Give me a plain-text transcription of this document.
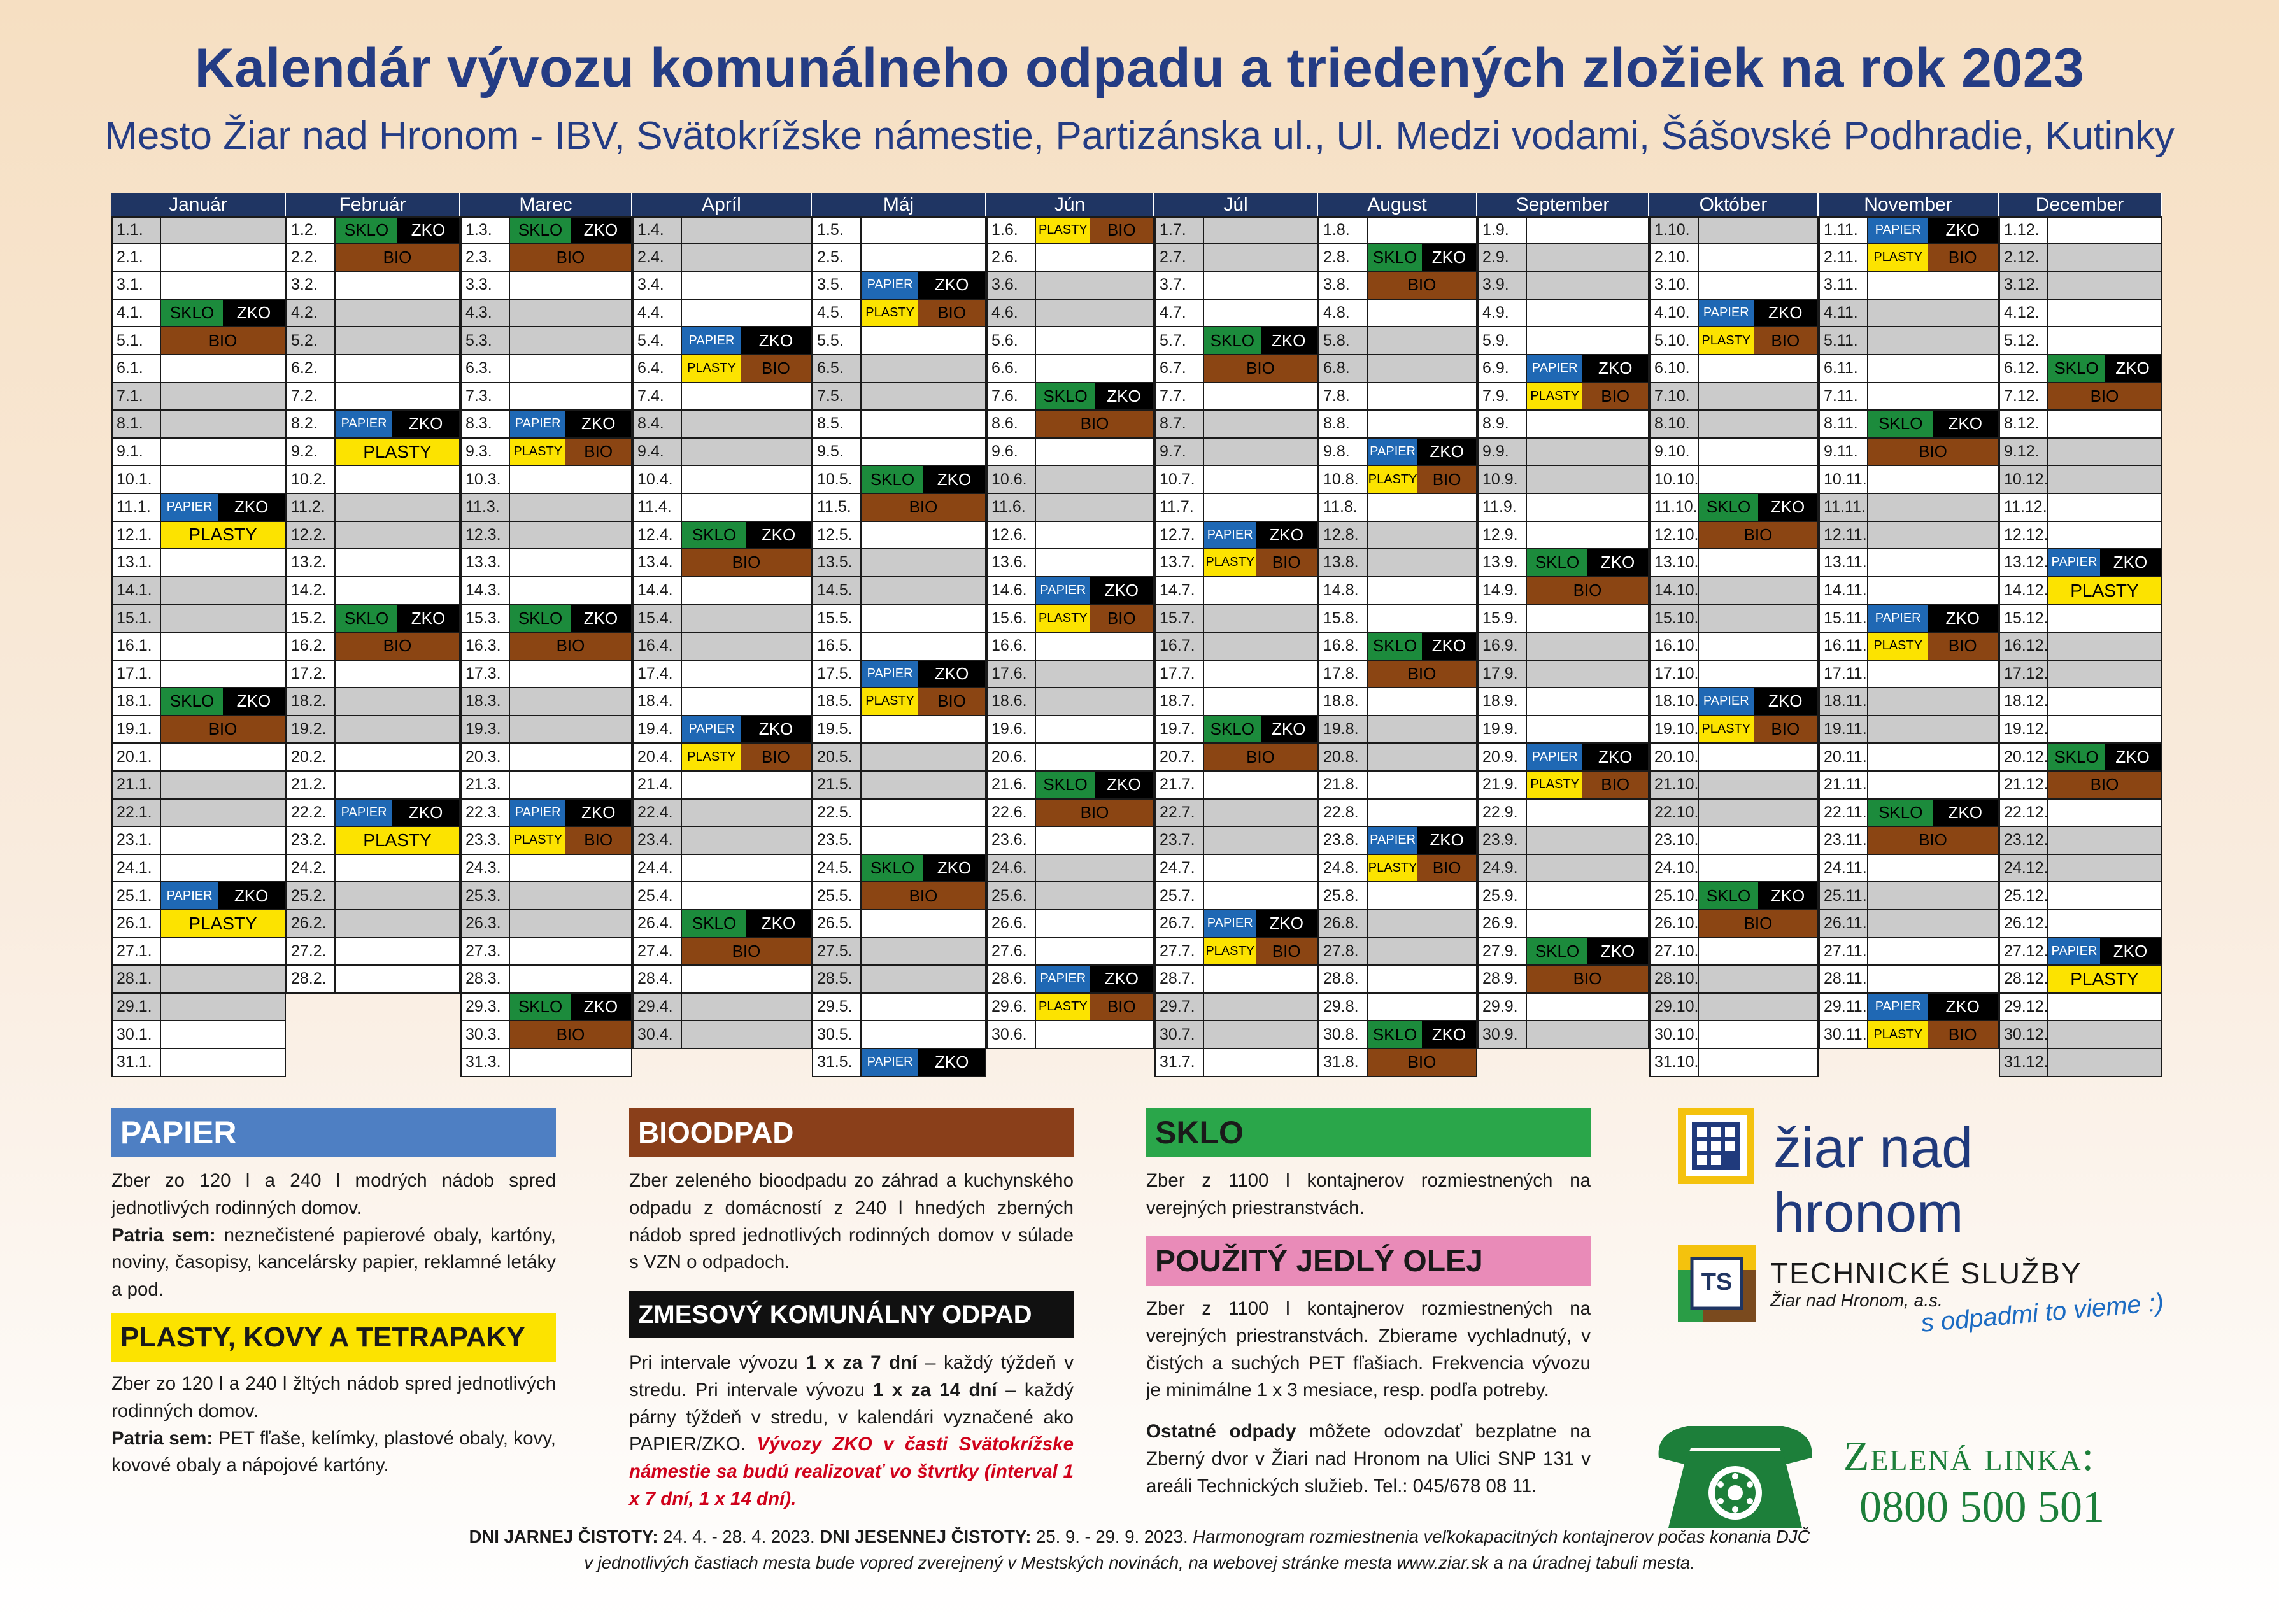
Kalendár vývozu komunálneho odpadu a triedených zložiek na rok 2023
Mesto Žiar nad Hronom - IBV, Svätokrížske námestie, Partizánska ul., Ul. Medzi vodami, Šášovské Podhradie, Kutinky
Január
1.1.
2.1.
3.1.
4.1.	SKLO	ZKO
5.1.	BIO
6.1.
7.1.
8.1.
9.1.
10.1.
11.1.	PAPIER	ZKO
12.1.	PLASTY
13.1.
14.1.
15.1.
16.1.
17.1.
18.1.	SKLO	ZKO
19.1.	BIO
20.1.
21.1.
22.1.
23.1.
24.1.
25.1.	PAPIER	ZKO
26.1.	PLASTY
27.1.
28.1.
29.1.
30.1.
31.1.
Február
1.2.	SKLO	ZKO
2.2.	BIO
3.2.
4.2.
5.2.
6.2.
7.2.
8.2.	PAPIER	ZKO
9.2.	PLASTY
10.2.
11.2.
12.2.
13.2.
14.2.
15.2.	SKLO	ZKO
16.2.	BIO
17.2.
18.2.
19.2.
20.2.
21.2.
22.2.	PAPIER	ZKO
23.2.	PLASTY
24.2.
25.2.
26.2.
27.2.
28.2.
Marec
1.3.	SKLO	ZKO
2.3.	BIO
3.3.
4.3.
5.3.
6.3.
7.3.
8.3.	PAPIER	ZKO
9.3.	PLASTY	BIO
10.3.
11.3.
12.3.
13.3.
14.3.
15.3.	SKLO	ZKO
16.3.	BIO
17.3.
18.3.
19.3.
20.3.
21.3.
22.3.	PAPIER	ZKO
23.3. PLASTY	BIO
24.3.
25.3.
26.3.
27.3.
28.3.
29.3.	SKLO	ZKO
30.3.	BIO
31.3.
Apríl
1.4.
2.4.
3.4.
4.4.
5.4.	PAPIER	ZKO
6.4.	PLASTY	BIO
7.4.
8.4.
9.4.
10.4.
11.4.
12.4.	SKLO	ZKO
13.4.	BIO
14.4.
15.4.
16.4.
17.4.
18.4.
19.4.	PAPIER	ZKO
20.4.	PLASTY	BIO
21.4.
22.4.
23.4.
24.4.
25.4.
26.4.	SKLO	ZKO
27.4.	BIO
28.4.
29.4.
30.4.
Máj
1.5.
2.5.
3.5.	PAPIER	ZKO
4.5.	PLASTY	BIO
5.5.
6.5.
7.5.
8.5.
9.5.
10.5.	SKLO	ZKO
11.5.	BIO
12.5.
13.5.
14.5.
15.5.
16.5.
17.5.	PAPIER	ZKO
18.5.	PLASTY	BIO
19.5.
20.5.
21.5.
22.5.
23.5.
24.5.	SKLO	ZKO
25.5.	BIO
26.5.
27.5.
28.5.
29.5.
30.5.
31.5.	PAPIER	ZKO
Jún
1.6.	PLASTY	BIO
2.6.
3.6.
4.6.
5.6.
6.6.
7.6.	SKLO	ZKO
8.6.	BIO
9.6.
10.6.
11.6.
12.6.
13.6.
14.6.	PAPIER	ZKO
15.6. PLASTY	BIO
16.6.
17.6.
18.6.
19.6.
20.6.
21.6. SKLO	ZKO
22.6.	BIO
23.6.
24.6.
25.6.
26.6.
27.6.
28.6.	PAPIER	ZKO
29.6. PLASTY	BIO
30.6.
Júl
1.7.
2.7.
3.7.
4.7.
5.7.	SKLO	ZKO
6.7.	BIO
7.7.
8.7.
9.7.
10.7.
11.7.
12.7. PAPIER ZKO
13.7. PLASTY	BIO
14.7.
15.7.
16.7.
17.7.
18.7.
19.7. SKLO	ZKO
20.7.	BIO
21.7.
22.7.
23.7.
24.7.
25.7.
26.7. PAPIER ZKO
27.7. PLASTY	BIO
28.7.
29.7.
30.7.
31.7.
August
1.8.
2.8.	SKLO ZKO
3.8.	BIO
4.8.
5.8.
6.8.
7.8.
8.8.
9.8.	PAPIER ZKO
10.8. PLASTY BIO
11.8.
12.8.
13.8.
14.8.
15.8.
16.8. SKLO ZKO
17.8.	BIO
18.8.
19.8.
20.8.
21.8.
22.8.
23.8. PAPIER ZKO
24.8. PLASTY BIO
25.8.
26.8.
27.8.
28.8.
29.8.
30.8. SKLO ZKO
31.8.	BIO
September
1.9.
2.9.
3.9.
4.9.
5.9.
6.9.	PAPIER	ZKO
7.9.	PLASTY	BIO
8.9.
9.9.
10.9.
11.9.
12.9.
13.9.	SKLO	ZKO
14.9.	BIO
15.9.
16.9.
17.9.
18.9.
19.9.
20.9.	PAPIER	ZKO
21.9. PLASTY	BIO
22.9.
23.9.
24.9.
25.9.
26.9.
27.9.	SKLO	ZKO
28.9.	BIO
29.9.
30.9.
Október
1.10.
2.10.
3.10.
4.10.	PAPIER	ZKO
5.10. PLASTY	BIO
6.10.
7.10.
8.10.
9.10.
10.10.
11.10. SKLO	ZKO
12.10.	BIO
13.10.
14.10.
15.10.
16.10.
17.10.
18.10. PAPIER	ZKO
19.10. PLASTY	BIO
20.10.
21.10.
22.10.
23.10.
24.10.
25.10. SKLO	ZKO
26.10.	BIO
27.10.
28.10.
29.10.
30.10.
31.10.
November
1.11.	PAPIER	ZKO
2.11.	PLASTY	BIO
3.11.
4.11.
5.11.
6.11.
7.11.
8.11.	SKLO	ZKO
9.11.	BIO
10.11.
11.11.
12.11.
13.11.
14.11.
15.11. PAPIER	ZKO
16.11. PLASTY	BIO
17.11.
18.11.
19.11.
20.11.
21.11.
22.11. SKLO	ZKO
23.11.	BIO
24.11.
25.11.
26.11.
27.11.
28.11.
29.11. PAPIER	ZKO
30.11. PLASTY	BIO
December
1.12.
2.12.
3.12.
4.12.
5.12.
6.12. SKLO	ZKO
7.12.	BIO
8.12.
9.12.
10.12.
11.12.
12.12.
13.12. PAPIER ZKO
14.12.	PLASTY
15.12.
16.12.
17.12.
18.12.
19.12.
20.12. SKLO	ZKO
21.12.	BIO
22.12.
23.12.
24.12.
25.12.
26.12.
27.12. PAPIER ZKO
28.12.	PLASTY
29.12.
30.12.
31.12.
PAPIER
Zber zo 120 l a 240 l modrých nádob spred jednotlivých rodinných domov.
Patria sem: neznečistené papierové obaly, kartóny, noviny, časopisy, kancelársky papier, reklamné letáky a pod.
PLASTY, KOVY A TETRAPAKY
Zber zo 120 l a 240 l žltých nádob spred jednotlivých rodinných domov.
Patria sem: PET fľaše, kelímky, plastové obaly, kovy, kovové obaly a nápojové kartóny.
BIOODPAD
Zber zeleného bioodpadu zo záhrad a kuchynského odpadu z domácností z 240 l hnedých zberných nádob spred jednotlivých rodinných domov v súlade s VZN o odpadoch.
ZMESOVÝ KOMUNÁLNY ODPAD
Pri intervale vývozu 1 x za 7 dní – každý týždeň v stredu. Pri intervale vývozu 1 x za 14 dní – každý párny týždeň v stredu, v kalendári vyznačené ako PAPIER/ZKO. Vývozy ZKO v časti Svätokrížske námestie sa budú realizovať vo štvrtky (interval 1 x 7 dní, 1 x 14 dní).
SKLO
Zber z 1100 l kontajnerov rozmiestnených na verejných priestranstvách.
POUŽITÝ JEDLÝ OLEJ
Zber z 1100 l kontajnerov rozmiestnených na verejných priestranstvách. Zbierame vychladnutý, v čistých a suchých PET fľašiach. Frekvencia vývozu je minimálne 1 x 3 mesiace, resp. podľa potreby.
Ostatné odpady môžete odovzdať bezplatne na Zberný dvor v Žiari nad Hronom na Ulici SNP 131 v areáli Technických služieb. Tel.: 045/678 08 11.
žiar nad hronom
TS TECHNICKÉ SLUŽBY
Žiar nad Hronom, a.s.
s odpadmi to vieme :)
Zelená linka:
0800 500 501
DNI JARNEJ ČISTOTY: 24. 4. - 28. 4. 2023. DNI JESENNEJ ČISTOTY: 25. 9. - 29. 9. 2023. Harmonogram rozmiestnenia veľkokapacitných kontajnerov počas konania DJČ
v jednotlivých častiach mesta bude vopred zverejnený v Mestských novinách, na webovej stránke mesta www.ziar.sk a na úradnej tabuli mesta.
